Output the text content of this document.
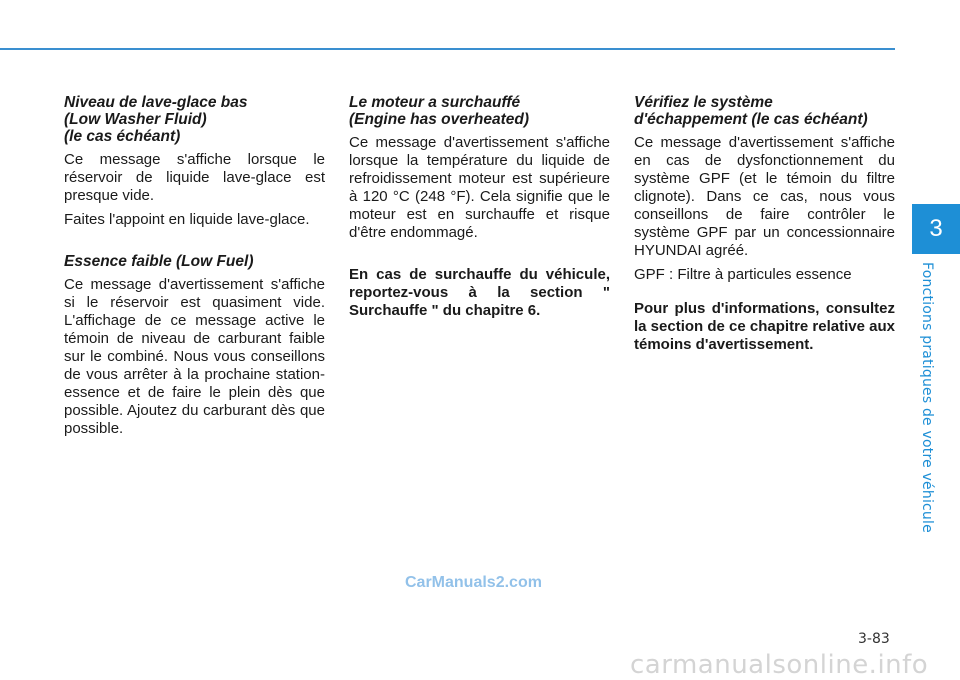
3
Fonctions pratiques de votre véhicule
Niveau de lave-glace bas
(Low Washer Fluid)
(le cas échéant)

Ce message s'affiche lorsque le réservoir de liquide lave-glace est presque vide.

Faites l'appoint en liquide lave-glace.

Essence faible (Low Fuel)

Ce message d'avertissement s'affiche si le réservoir est quasiment vide. L'affichage de ce message active le témoin de niveau de carburant faible sur le combiné. Nous vous conseillons de vous arrêter à la prochaine station-essence et de faire le plein dès que possible. Ajoutez du carburant dès que possible.

Le moteur a surchauffé
(Engine has overheated)

Ce message d'avertissement s'affiche lorsque la température du liquide de refroidissement moteur est supérieure à 120 °C (248 °F). Cela signifie que le moteur est en surchauffe et risque d'être endommagé.

En cas de surchauffe du véhicule, reportez-vous à la section " Surchauffe " du chapitre 6.

Vérifiez le système
d'échappement (le cas échéant)

Ce message d'avertissement s'affiche en cas de dysfonctionnement du système GPF (et le témoin du filtre clignote). Dans ce cas, nous vous conseillons de faire contrôler le système GPF par un concessionnaire HYUNDAI agréé.

GPF : Filtre à particules essence

Pour plus d'informations, consultez la section de ce chapitre relative aux témoins d'avertissement.

CarManuals2.com
3-83
carmanualsonline.info
